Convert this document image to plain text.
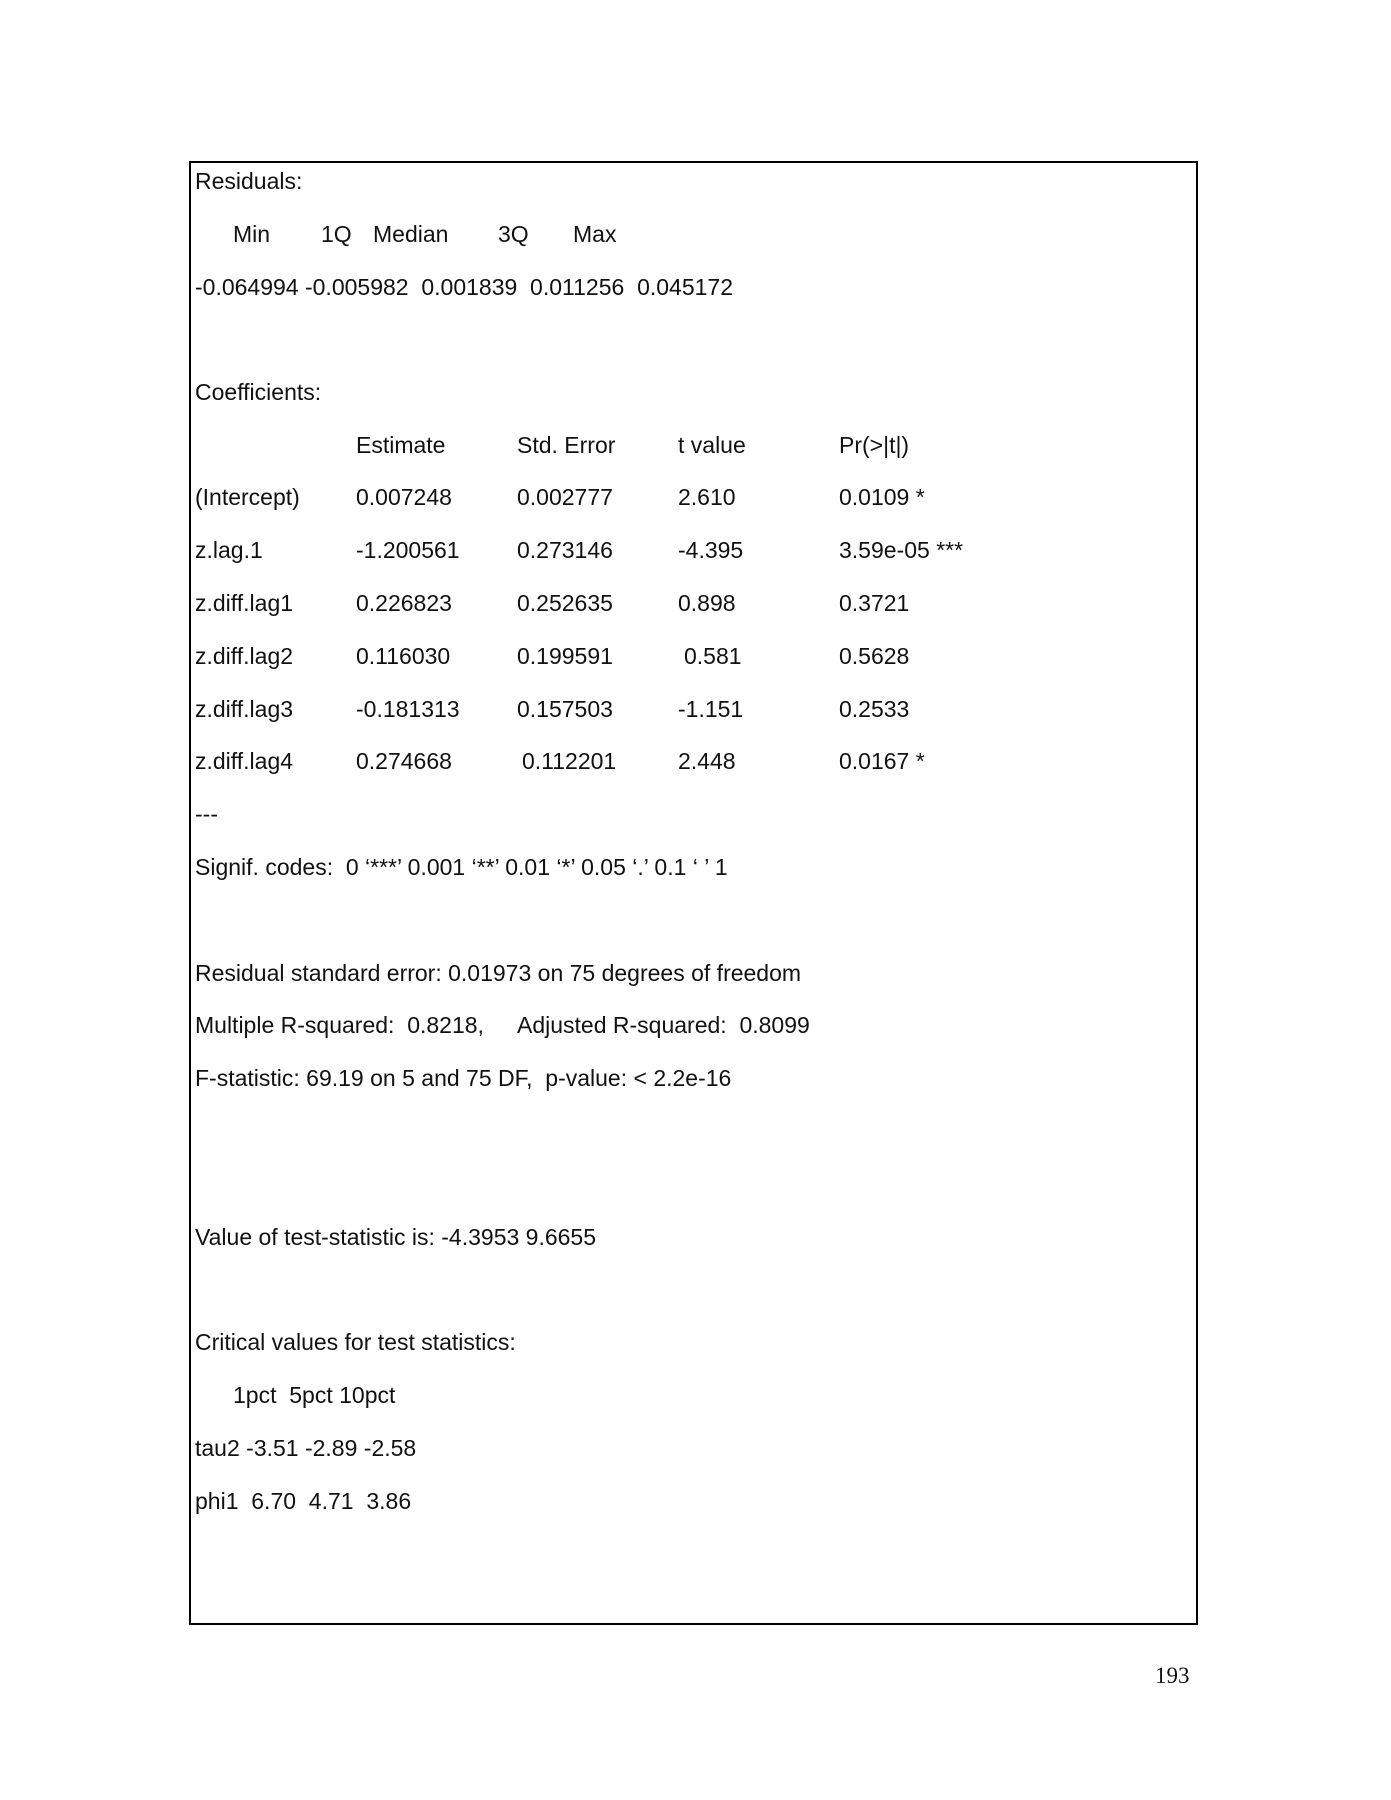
Residuals:
Min 1Q Median 3Q Max
-0.064994 -0.005982  0.001839  0.011256  0.045172
Coefficients:
Estimate	Std. Error	t value	Pr(>|t|)
(Intercept) 0.007248	0.002777	2.610	0.0109 *
z.lag.1	-1.200561 0.273146	-4.395	3.59e-05 ***
z.diff.lag1	0.226823	0.252635	0.898	0.3721
z.diff.lag2	0.116030	0.199591	0.581	0.5628
z.diff.lag3	-0.181313 0.157503	-1.151	0.2533
z.diff.lag4	0.274668	0.112201	2.448	0.0167 *
---
Signif. codes:  0 ‘***’ 0.001 ‘**’ 0.01 ‘*’ 0.05 ‘.’ 0.1 ‘ ’ 1
Residual standard error: 0.01973 on 75 degrees of freedom
Multiple R-squared:  0.8218, Adjusted R-squared:  0.8099
F-statistic: 69.19 on 5 and 75 DF,  p-value: < 2.2e-16
Value of test-statistic is: -4.3953 9.6655
Critical values for test statistics:
1pct  5pct 10pct
tau2 -3.51 -2.89 -2.58
phi1  6.70  4.71  3.86
193
